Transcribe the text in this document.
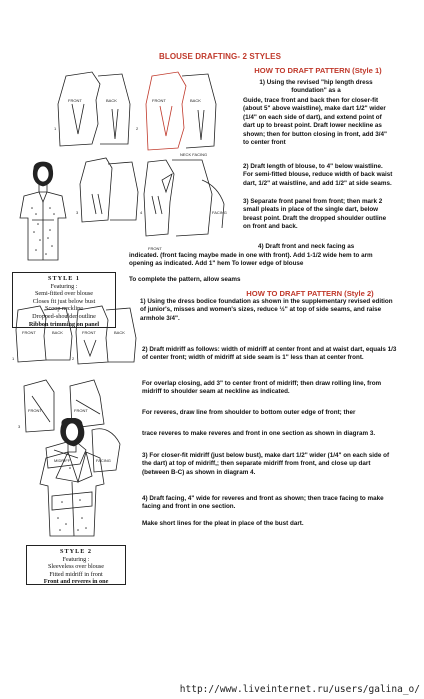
BLOUSE DRAFTING- 2 STYLES
HOW TO DRAFT PATTERN (Style 1)
1) Using the revised "hip length dress foundation" as a
Guide, trace front and back then for closer-fit (about 5" above waistline), make dart 1/2" wider (1/4" on each side of dart), and extend point of dart up to breast point. Draft lower neckline as shown; then for button closing in front, add 3/4" to center front
2) Draft length of blouse, to 4" below waistline. For semi-fitted blouse, reduce width of back waist dart, 1/2" at waistline, and add 1/2" at side seams.
3) Separate front panel from front; then mark 2 small pleats in place of the single dart, below breast point. Draft the dropped shoulder outline on front and back.
4) Draft front and neck facing as
indicated. (front facing maybe made in one with front). Add 1-1/2 wide hem to arm opening as indicated. Add 1" hem To lower edge of blouse
To complete the pattern, allow seams
FRONT	BACK	FRONT	BACK
NECK FACING
FACING
FRONT
1	2
3	4
STYLE 1
Featuring :
Semi-fitted over blouse
Closes fit just below bust
Scoop neckline
Dropped-shoulder outline
Ribbon trimming on panel
HOW TO DRAFT PATTERN (Style 2)
1) Using the dress bodice foundation as shown in the supplementary revised edition of junior's, misses and women's sizes, reduce ½" at top of side seams, and raise armhole 3/4".
2) Draft midriff as follows: width of midriff at center front and at waist dart, equals 1/3 of center front; width of midriff at side seam is 1" less than at center front.
For overlap closing, add 3" to center front of midriff; then draw rolling line, from midriff to shoulder seam at neckline as indicated.
For reveres, draw line from shoulder to bottom outer edge of front; ther
trace reveres to make reveres and front in one section as shown in diagram 3.
3) For closer-fit midriff (just below bust), make dart 1/2" wider (1/4" on each side of the dart) at top of midriff,; then separate midriff from front, and close up dart (between B-C) as shown in diagram 4.
4) Draft facing, 4" wide for reveres and front as shown; then trace facing to make facing and front in one section.
Make short lines for the pleat in place of the bust dart.
FRONT	BACK	FRONT	BACK
FRONT	FRONT
MIDRIFF	FACING
1	2
3
STYLE 2
Featuring :
Sleeveless over blouse
Fitted midriff in front
Front and reveres in one
http://www.liveinternet.ru/users/galina_o/
